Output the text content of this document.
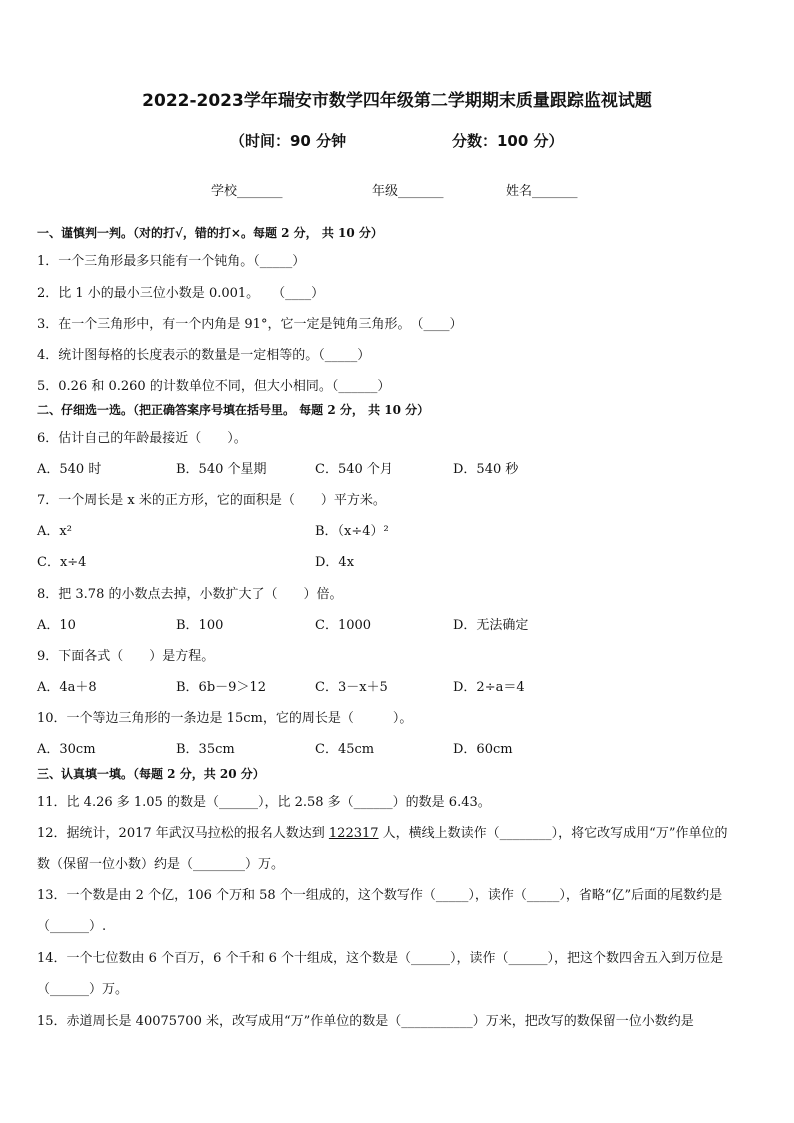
2022-2023学年瑞安市数学四年级第二学期期末质量跟踪监视试题
（时间：90 分钟	分数：100 分）
学校_______	年级_______	姓名_______
一、谨慎判一判。（对的打√，错的打×。每题 2 分， 共 10 分）
1．一个三角形最多只能有一个钝角。（_____）
2．比 1 小的最小三位小数是 0.001。　　（____）
3．在一个三角形中，有一个内角是 91°，它一定是钝角三角形。　（____）
4．统计图每格的长度表示的数量是一定相等的。（_____）
5．0.26 和 0.260 的计数单位不同，但大小相同。（______）
二、仔细选一选。（把正确答案序号填在括号里。 每题 2 分， 共 10 分）
6．估计自己的年龄最接近（　　）。
A．540 时	B．540 个星期	C．540 个月	D．540 秒
7．一个周长是 x 米的正方形，它的面积是（　　）平方米。
A．x²	B．（x÷4）²
C．x÷4	D．4x
8．把 3.78 的小数点去掉，小数扩大了（　　）倍。
A．10	B．100	C．1000	D．无法确定
9．下面各式（　　）是方程。
A．4a＋8	B．6b－9＞12	C．3－x＋5	D．2÷a＝4
10．一个等边三角形的一条边是 15cm，它的周长是（　　　）。
A．30cm	B．35cm	C．45cm	D．60cm
三、认真填一填。（每题 2 分，共 20 分）
11．比 4.26 多 1.05 的数是（______），比 2.58 多（______）的数是 6.43。
12．据统计，2017 年武汉马拉松的报名人数达到 122317 人，横线上数读作（________），将它改写成用“万”作单位的
数（保留一位小数）约是（________）万。
13．一个数是由 2 个亿，106 个万和 58 个一组成的，这个数写作（_____），读作（_____），省略“亿”后面的尾数约是
（______）.
14．一个七位数由 6 个百万，6 个千和 6 个十组成，这个数是（______），读作（______），把这个数四舍五入到万位是
（______）万。
15．赤道周长是 40075700 米，改写成用“万”作单位的数是（___________）万米，把改写的数保留一位小数约是
